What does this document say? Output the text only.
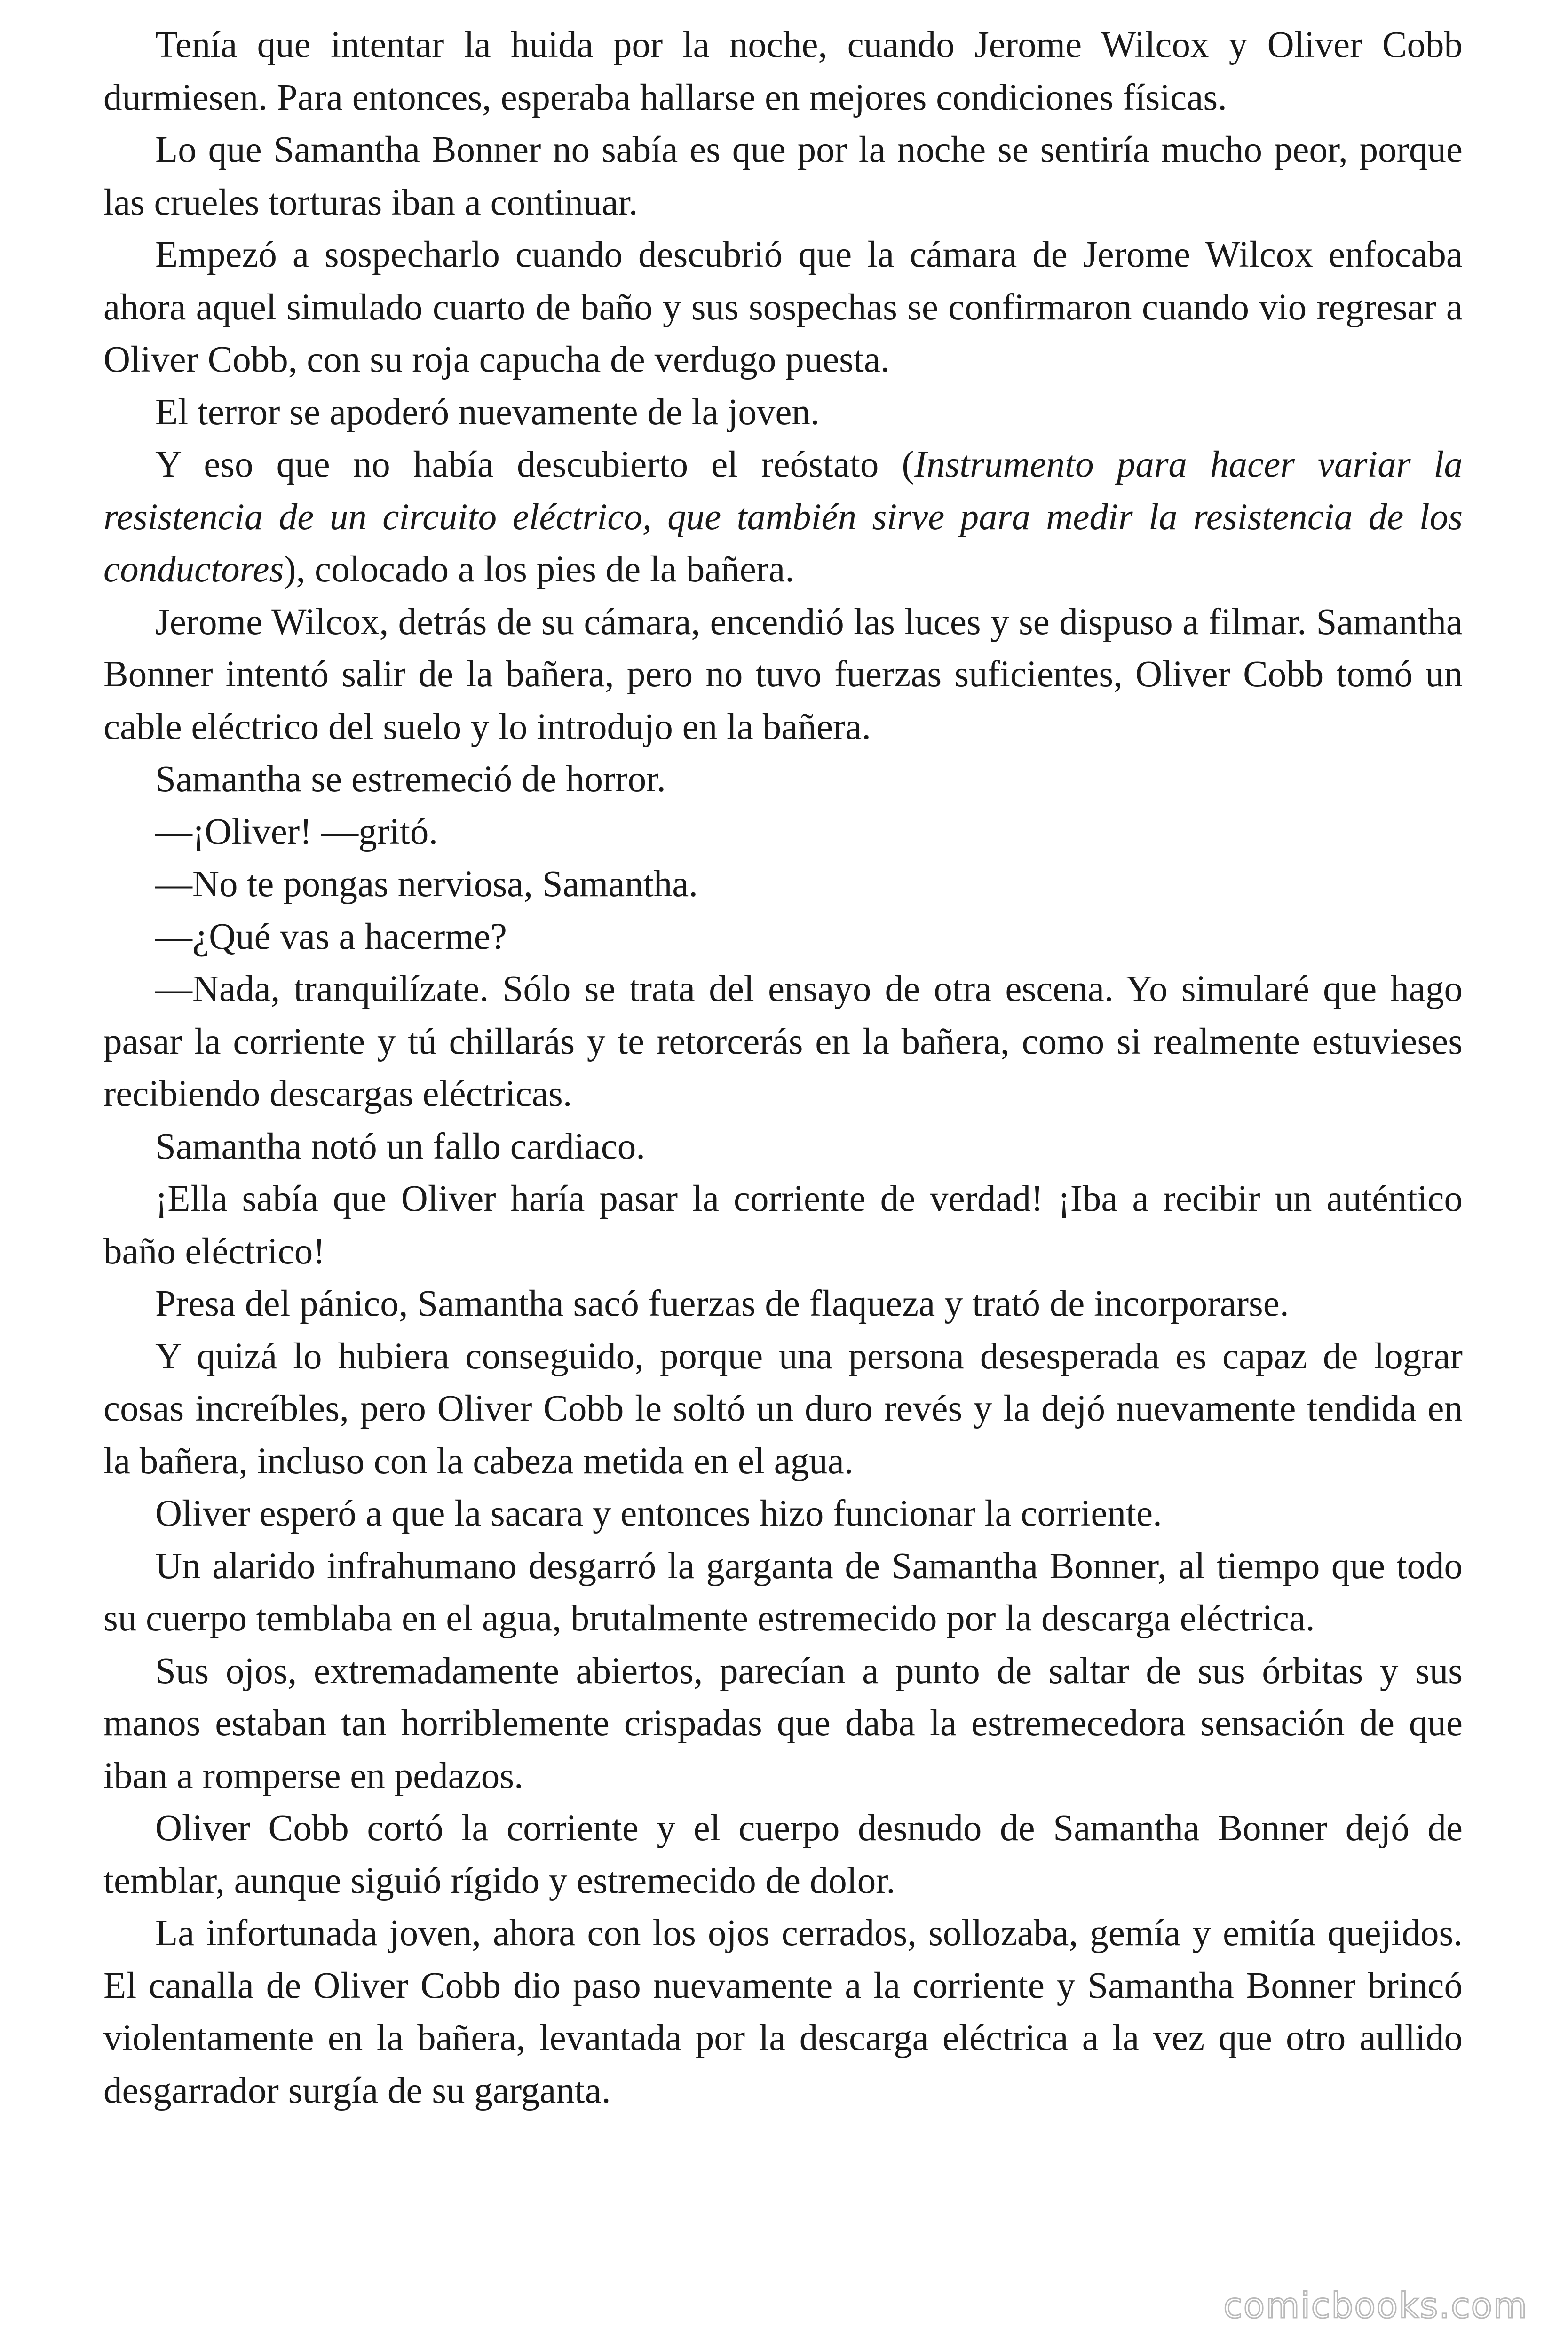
Tenía que intentar la huida por la noche, cuando Jerome Wilcox y Oliver Cobb durmiesen. Para entonces, esperaba hallarse en mejores condiciones físicas.

Lo que Samantha Bonner no sabía es que por la noche se sentiría mucho peor, porque las crueles torturas iban a continuar.

Empezó a sospecharlo cuando descubrió que la cámara de Jerome Wilcox enfocaba ahora aquel simulado cuarto de baño y sus sospechas se confirmaron cuando vio regresar a Oliver Cobb, con su roja capucha de verdugo puesta.

El terror se apoderó nuevamente de la joven.

Y eso que no había descubierto el reóstato (Instrumento para hacer variar la resistencia de un circuito eléctrico, que también sirve para medir la resistencia de los conductores), colocado a los pies de la bañera.

Jerome Wilcox, detrás de su cámara, encendió las luces y se dispuso a filmar. Samantha Bonner intentó salir de la bañera, pero no tuvo fuerzas suficientes, Oliver Cobb tomó un cable eléctrico del suelo y lo introdujo en la bañera.

Samantha se estremeció de horror.

—¡Oliver! —gritó.

—No te pongas nerviosa, Samantha.

—¿Qué vas a hacerme?

—Nada, tranquilízate. Sólo se trata del ensayo de otra escena. Yo simularé que hago pasar la corriente y tú chillarás y te retorcerás en la bañera, como si realmente estuvieses recibiendo descargas eléctricas.

Samantha notó un fallo cardiaco.

¡Ella sabía que Oliver haría pasar la corriente de verdad! ¡Iba a recibir un auténtico baño eléctrico!

Presa del pánico, Samantha sacó fuerzas de flaqueza y trató de incorporarse.

Y quizá lo hubiera conseguido, porque una persona desesperada es capaz de lograr cosas increíbles, pero Oliver Cobb le soltó un duro revés y la dejó nuevamente tendida en la bañera, incluso con la cabeza metida en el agua.

Oliver esperó a que la sacara y entonces hizo funcionar la corriente.

Un alarido infrahumano desgarró la garganta de Samantha Bonner, al tiempo que todo su cuerpo temblaba en el agua, brutalmente estremecido por la descarga eléctrica.

Sus ojos, extremadamente abiertos, parecían a punto de saltar de sus órbitas y sus manos estaban tan horriblemente crispadas que daba la estremecedora sensación de que iban a romperse en pedazos.

Oliver Cobb cortó la corriente y el cuerpo desnudo de Samantha Bonner dejó de temblar, aunque siguió rígido y estremecido de dolor.

La infortunada joven, ahora con los ojos cerrados, sollozaba, gemía y emitía quejidos. El canalla de Oliver Cobb dio paso nuevamente a la corriente y Samantha Bonner brincó violentamente en la bañera, levantada por la descarga eléctrica a la vez que otro aullido desgarrador surgía de su garganta.

comicbooks.com
